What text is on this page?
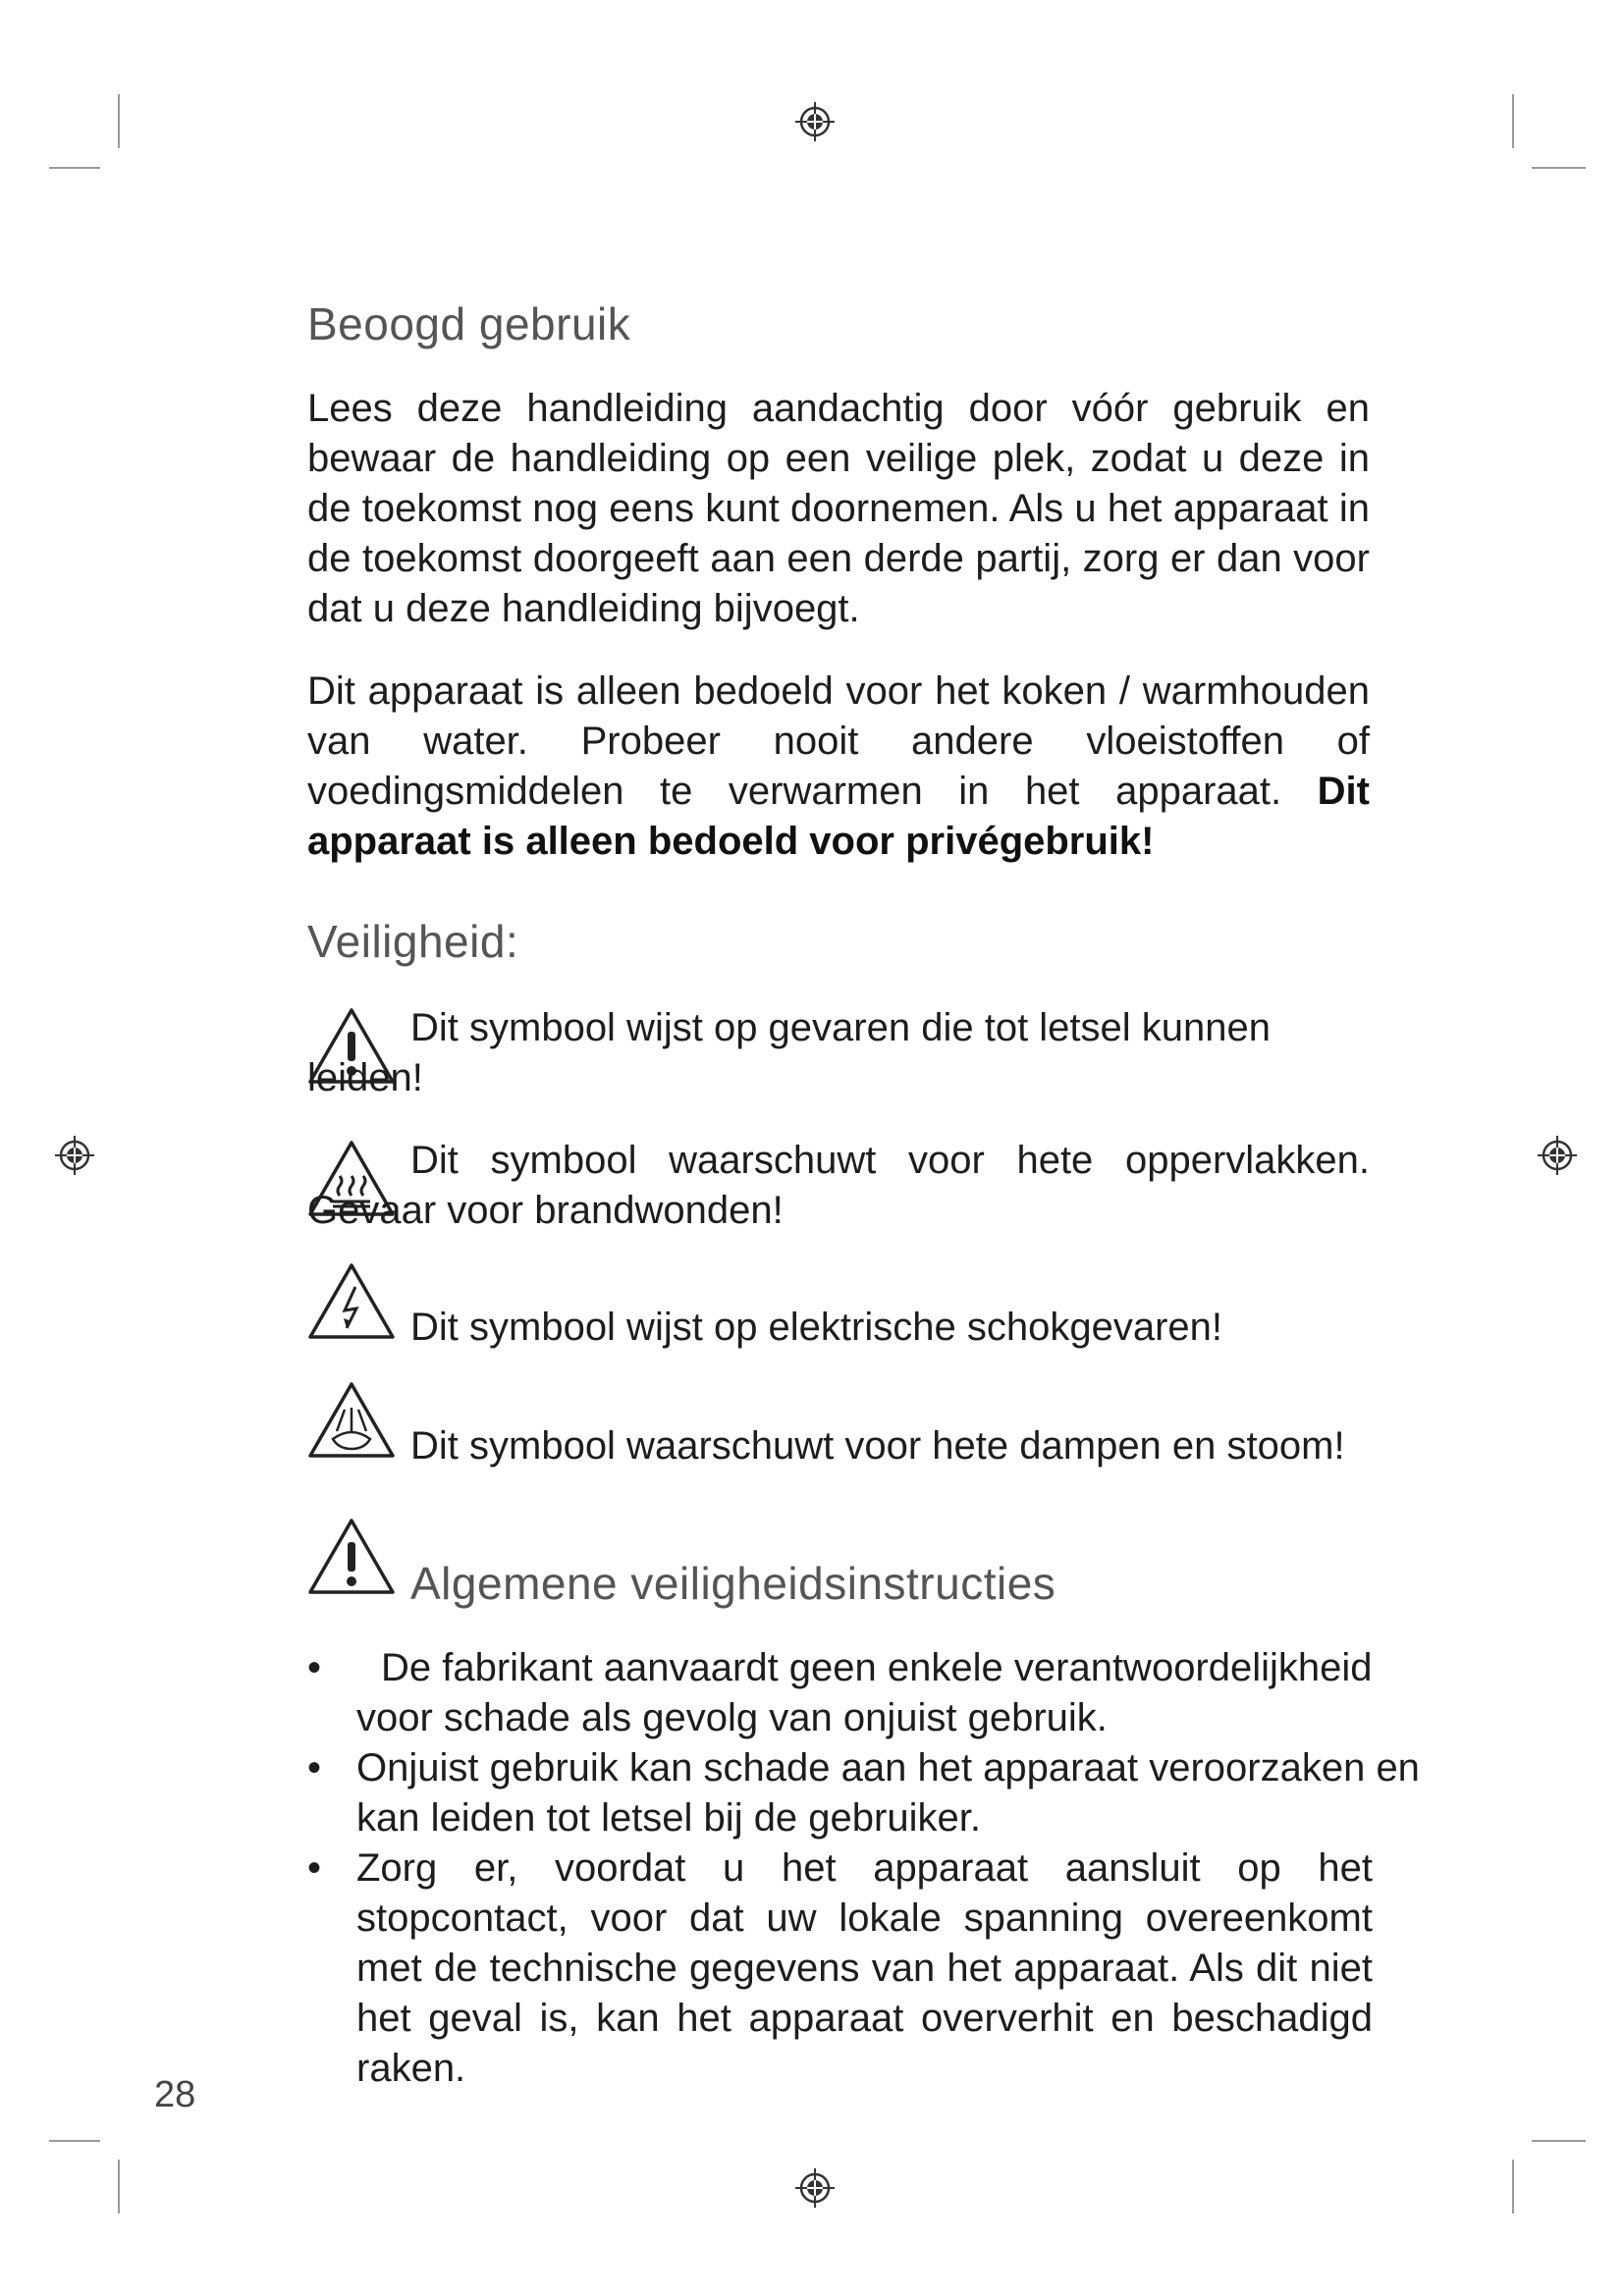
Beoogd gebruik

Lees deze handleiding aandachtig door vóór gebruik en bewaar de handleiding op een veilige plek, zodat u deze in de toekomst nog eens kunt doornemen. Als u het apparaat in de toekomst doorgeeft aan een derde partij, zorg er dan voor dat u deze handleiding bijvoegt.

Dit apparaat is alleen bedoeld voor het koken / warmhouden van water. Probeer nooit andere vloeistoffen of voedingsmiddelen te verwarmen in het apparaat. Dit apparaat is alleen bedoeld voor privégebruik!

Veiligheid:
Dit symbool wijst op gevaren die tot letsel kunnen leiden!
Dit symbool waarschuwt voor hete oppervlakken. Gevaar voor brandwonden!
Dit symbool wijst op elektrische schokgevaren!
Dit symbool waarschuwt voor hete dampen en stoom!
Algemene veiligheidsinstructies
•	De fabrikant aanvaardt geen enkele verantwoordelijkheid voor schade als gevolg van onjuist gebruik.
• Onjuist gebruik kan schade aan het apparaat veroorzaken en kan leiden tot letsel bij de gebruiker.
• Zorg er, voordat u het apparaat aansluit op het stopcontact, voor dat uw lokale spanning overeenkomt met de technische gegevens van het apparaat. Als dit niet het geval is, kan het apparaat oververhit en beschadigd raken.
28
